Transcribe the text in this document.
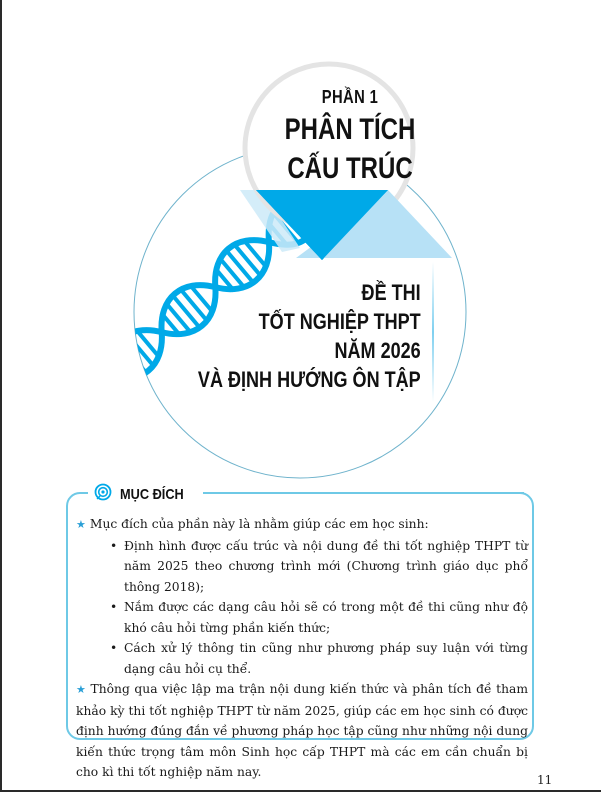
PHẦN 1
PHÂN TÍCH
CẤU TRÚC
ĐỀ THI
TỐT NGHIỆP THPT
NĂM 2026
VÀ ĐỊNH HƯỚNG ÔN TẬP
MỤC ĐÍCH
★ Mục đích của phần này là nhằm giúp các em học sinh:
• Định hình được cấu trúc và nội dung đề thi tốt nghiệp THPT từ năm 2025 theo chương trình mới (Chương trình giáo dục phổ thông 2018);
• Nắm được các dạng câu hỏi sẽ có trong một đề thi cũng như độ khó câu hỏi từng phần kiến thức;
• Cách xử lý thông tin cũng như phương pháp suy luận với từng dạng câu hỏi cụ thể.
★ Thông qua việc lập ma trận nội dung kiến thức và phân tích đề tham khảo kỳ thi tốt nghiệp THPT từ năm 2025, giúp các em học sinh có được định hướng đúng đắn về phương pháp học tập cũng như những nội dung kiến thức trọng tâm môn Sinh học cấp THPT mà các em cần chuẩn bị cho kì thi tốt nghiệp năm nay.
11
